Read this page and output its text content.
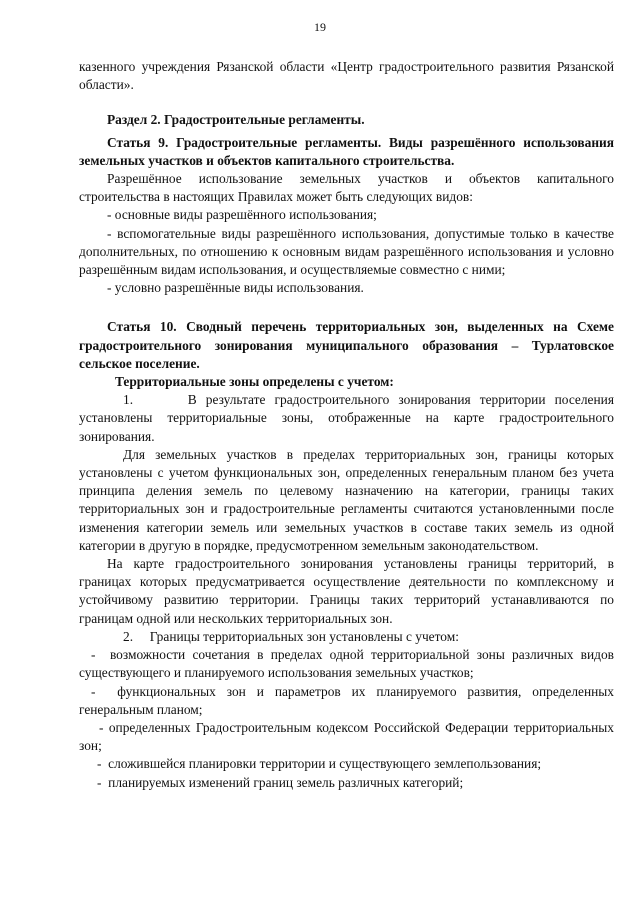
19

казенного учреждения Рязанской области «Центр градостроительного развития Рязанской области».

Раздел 2. Градостроительные регламенты.

Статья 9. Градостроительные регламенты. Виды разрешённого использования земельных участков и объектов капитального строительства.

Разрешённое использование земельных участков и объектов капитального строительства в настоящих Правилах может быть следующих видов:

- основные виды разрешённого использования;

- вспомогательные виды разрешённого использования, допустимые только в качестве дополнительных, по отношению к основным видам разрешённого использования и условно разрешённым видам использования, и осуществляемые совместно с ними;

- условно разрешённые виды использования.

Статья 10. Сводный перечень территориальных зон, выделенных на Схеме градостроительного зонирования муниципального образования – Турлатовское сельское поселение.

Территориальные зоны определены с учетом:

1.      В результате градостроительного зонирования территории поселения установлены территориальные зоны, отображенные на карте градостроительного зонирования.

Для земельных участков в пределах территориальных зон, границы которых установлены с учетом функциональных зон, определенных генеральным планом без учета принципа деления земель по целевому назначению на категории, границы таких территориальных зон и градостроительные регламенты считаются установленными после изменения категории земель или земельных участков в составе таких земель из одной категории в другую в порядке, предусмотренном земельным законодательством.

На карте градостроительного зонирования установлены границы территорий, в границах которых предусматривается осуществление деятельности по комплексному и устойчивому развитию территории. Границы таких территорий устанавливаются по границам одной или нескольких территориальных зон.

2.     Границы территориальных зон установлены с учетом:

-  возможности сочетания в пределах одной территориальной зоны различных видов существующего и планируемого использования земельных участков;

-  функциональных зон и параметров их планируемого развития, определенных генеральным планом;

- определенных Градостроительным кодексом Российской Федерации территориальных зон;

-  сложившейся планировки территории и существующего землепользования;

-  планируемых изменений границ земель различных категорий;
